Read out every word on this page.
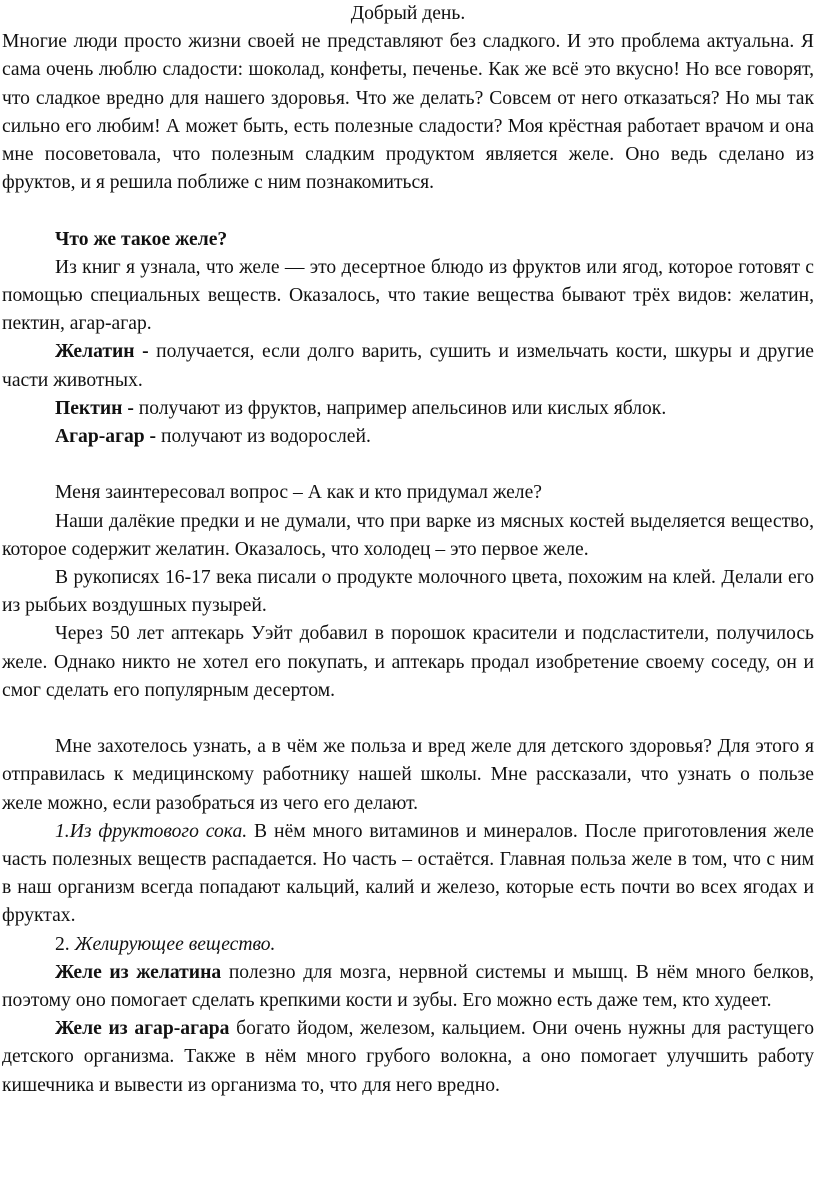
Добрый день.

Многие люди просто жизни своей не представляют без сладкого. И это проблема актуальна. Я сама очень люблю сладости: шоколад, конфеты, печенье. Как же всё это вкусно! Но все говорят, что сладкое вредно для нашего здоровья. Что же делать? Совсем от него отказаться? Но мы так сильно его любим! А может быть, есть полезные сладости? Моя крёстная работает врачом и она мне посоветовала, что полезным сладким продуктом является желе. Оно ведь сделано из фруктов, и я решила поближе с ним познакомиться.

Что же такое желе?

Из книг я узнала, что желе — это десертное блюдо из фруктов или ягод, которое готовят с помощью специальных веществ. Оказалось, что такие вещества бывают трёх видов: желатин, пектин, агар-агар.

Желатин - получается, если долго варить, сушить и измельчать кости, шкуры и другие части животных.

Пектин - получают из фруктов, например апельсинов или кислых яблок.

Агар-агар - получают из водорослей.

Меня заинтересовал вопрос – А как и кто придумал желе?

Наши далёкие предки и не думали, что при варке из мясных костей выделяется вещество, которое содержит желатин. Оказалось, что холодец – это первое желе.

В рукописях 16-17 века писали о продукте молочного цвета, похожим на клей. Делали его из рыбьих воздушных пузырей.

Через 50 лет аптекарь Уэйт добавил в порошок красители и подсластители, получилось желе. Однако никто не хотел его покупать, и аптекарь продал изобретение своему соседу, он и смог сделать его популярным десертом.

Мне захотелось узнать, а в чём же польза и вред желе для детского здоровья? Для этого я отправилась к медицинскому работнику нашей школы. Мне рассказали, что узнать о пользе желе можно, если разобраться из чего его делают.

1.Из фруктового сока. В нём много витаминов и минералов. После приготовления желе часть полезных веществ распадается. Но часть – остаётся. Главная польза желе в том, что с ним в наш организм всегда попадают кальций, калий и железо, которые есть почти во всех ягодах и фруктах.

2. Желирующее вещество.

Желе из желатина полезно для мозга, нервной системы и мышц. В нём много белков, поэтому оно помогает сделать крепкими кости и зубы. Его можно есть даже тем, кто худеет.

Желе из агар-агара богато йодом, железом, кальцием. Они очень нужны для растущего детского организма. Также в нём много грубого волокна, а оно помогает улучшить работу кишечника и вывести из организма то, что для него вредно.
